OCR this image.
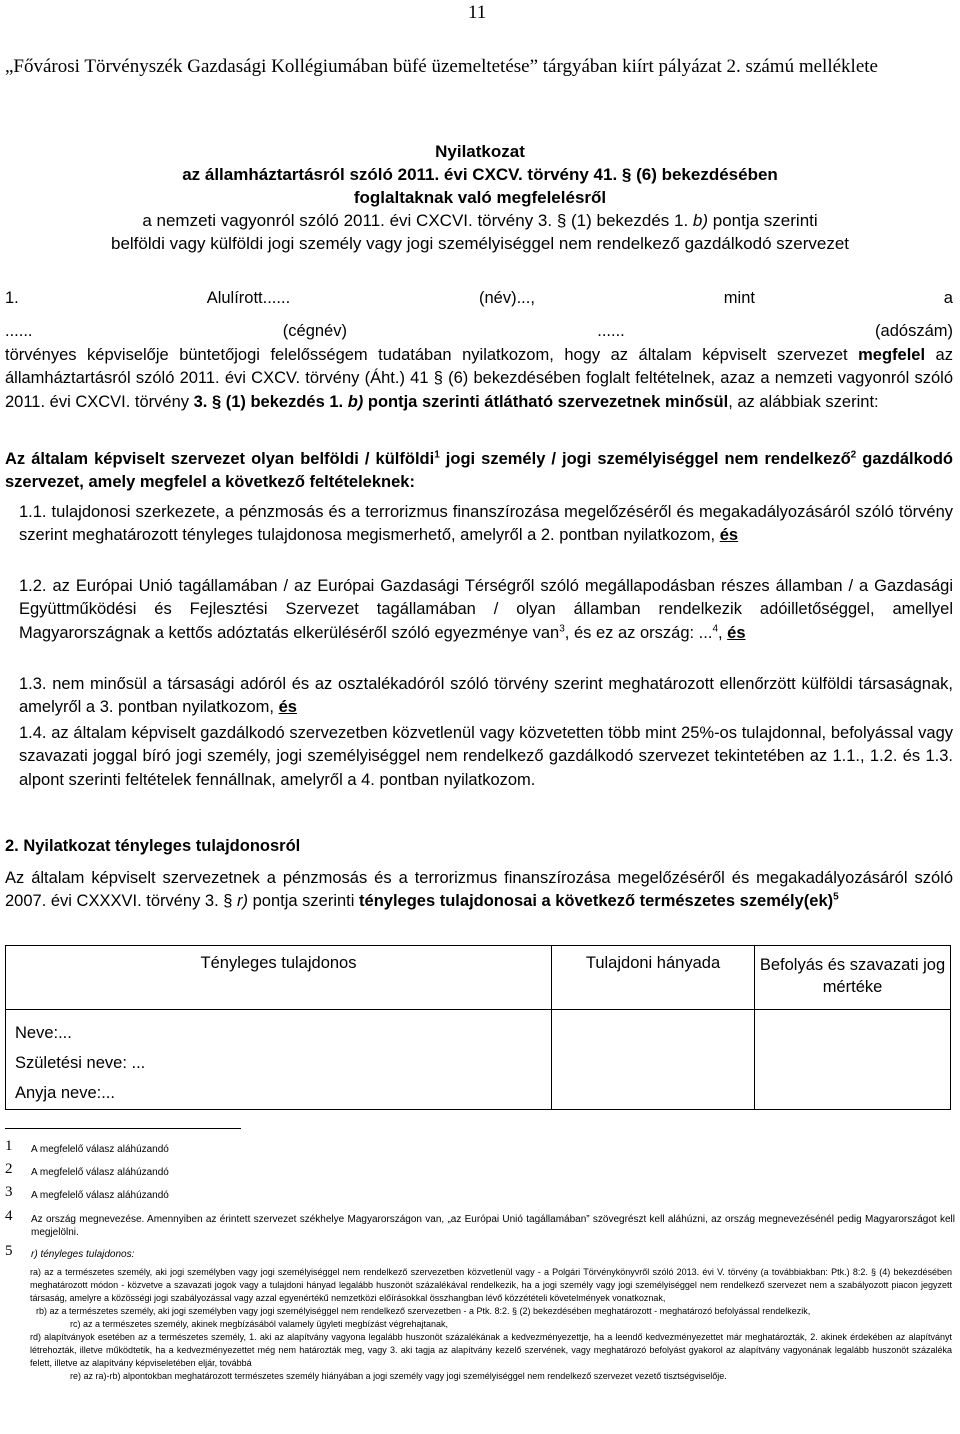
11
„Fővárosi Törvényszék Gazdasági Kollégiumában büfé üzemeltetése” tárgyában kiírt pályázat 2. számú melléklete
Nyilatkozat
az államháztartásról szóló 2011. évi CXCV. törvény 41. § (6) bekezdésében
foglaltaknak való megfelelésről
a nemzeti vagyonról szóló 2011. évi CXCVI. törvény 3. § (1) bekezdés 1. b) pontja szerinti
belföldi vagy külföldi jogi személy vagy jogi személyiséggel nem rendelkező gazdálkodó szervezet
1. Alulírott...... (név)..., mint a
...... (cégnév) ...... (adószám)
törvényes képviselője büntetőjogi felelősségem tudatában nyilatkozom, hogy az általam képviselt szervezet megfelel az államháztartásról szóló 2011. évi CXCV. törvény (Áht.) 41 § (6) bekezdésében foglalt feltételnek, azaz a nemzeti vagyonról szóló 2011. évi CXCVI. törvény 3. § (1) bekezdés 1. b) pontja szerinti átlátható szervezetnek minősül, az alábbiak szerint:
Az általam képviselt szervezet olyan belföldi / külföldi$^1$ jogi személy / jogi személyiséggel nem rendelkező$^2$ gazdálkodó szervezet, amely megfelel a következő feltételeknek:

1.1. tulajdonosi szerkezete, a pénzmosás és a terrorizmus finanszírozása megelőzéséről és megakadályozásáról szóló törvény szerint meghatározott tényleges tulajdonosa megismerhető, amelyről a 2. pontban nyilatkozom, és

1.2. az Európai Unió tagállamában / az Európai Gazdasági Térségről szóló megállapodásban részes államban / a Gazdasági Együttműködési és Fejlesztési Szervezet tagállamában / olyan államban rendelkezik adóilletőséggel, amellyel Magyarországnak a kettős adóztatás elkerüléséről szóló egyezménye van$^3$, és ez az ország: ...$^4$, és

1.3. nem minősül a társasági adóról és az osztalékadóról szóló törvény szerint meghatározott ellenőrzött külföldi társaságnak, amelyről a 3. pontban nyilatkozom, és

1.4. az általam képviselt gazdálkodó szervezetben közvetlenül vagy közvetetten több mint 25%-os tulajdonnal, befolyással vagy szavazati joggal bíró jogi személy, jogi személyiséggel nem rendelkező gazdálkodó szervezet tekintetében az 1.1., 1.2. és 1.3. alpont szerinti feltételek fennállnak, amelyről a 4. pontban nyilatkozom.

2. Nyilatkozat tényleges tulajdonosról
Az általam képviselt szervezetnek a pénzmosás és a terrorizmus finanszírozása megelőzéséről és megakadályozásáról szóló 2007. évi CXXXVI. törvény 3. § r) pontja szerinti tényleges tulajdonosai a következő természetes személy(ek)$^5$
Tényleges tulajdonos	Tulajdoni hányada	Befolyás és szavazati jog mértéke

Neve:...
Születési neve: ...
Anyja neve:...		

1 A megfelelő válasz aláhúzandó
2 A megfelelő válasz aláhúzandó
3 A megfelelő válasz aláhúzandó
4 Az ország megnevezése. Amennyiben az érintett szervezet székhelye Magyarországon van, „az Európai Unió tagállamában” szövegrészt kell aláhúzni, az ország megnevezésénél pedig Magyarországot kell megjelölni.
5 r) tényleges tulajdonos:

ra) az a természetes személy, aki jogi személyben vagy jogi személyiséggel nem rendelkező szervezetben közvetlenül vagy - a Polgári Törvénykönyvről szóló 2013. évi V. törvény (a továbbiakban: Ptk.) 8:2. § (4) bekezdésében meghatározott módon - közvetve a szavazati jogok vagy a tulajdoni hányad legalább huszonöt százalékával rendelkezik, ha a jogi személy vagy jogi személyiséggel nem rendelkező szervezet nem a szabályozott piacon jegyzett társaság, amelyre a közösségi jogi szabályozással vagy azzal egyenértékű nemzetközi előírásokkal összhangban lévő közzétételi követelmények vonatkoznak,

rb) az a természetes személy, aki jogi személyben vagy jogi személyiséggel nem rendelkező szervezetben - a Ptk. 8:2. § (2) bekezdésében meghatározott - meghatározó befolyással rendelkezik,

rc) az a természetes személy, akinek megbízásából valamely ügyleti megbízást végrehajtanak,

rd) alapítványok esetében az a természetes személy, 1. aki az alapítvány vagyona legalább huszonöt százalékának a kedvezményezettje, ha a leendő kedvezményezettet már meghatározták, 2. akinek érdekében az alapítványt létrehozták, illetve működtetik, ha a kedvezményezettet még nem határozták meg, vagy 3. aki tagja az alapítvány kezelő szervének, vagy meghatározó befolyást gyakorol az alapítvány vagyonának legalább huszonöt százaléka felett, illetve az alapítvány képviseletében eljár, továbbá

re) az ra)-rb) alpontokban meghatározott természetes személy hiányában a jogi személy vagy jogi személyiséggel nem rendelkező szervezet vezető tisztségviselője.
